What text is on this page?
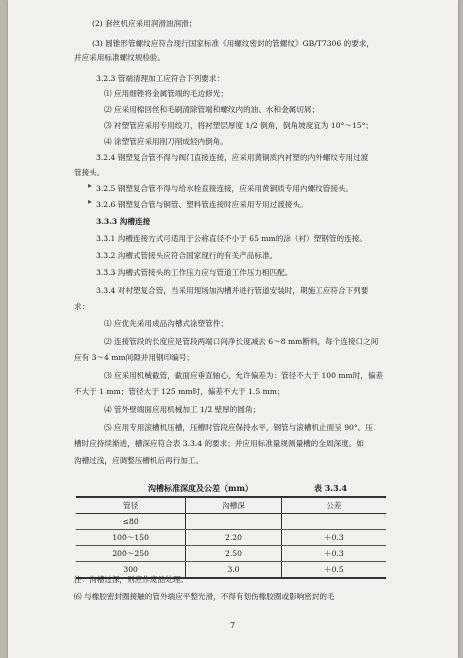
(2) 套丝机应采用润滑油润滑；
(3) 圆锥形管螺纹应符合现行国家标准《用螺纹密封的管螺纹》GB/T7306 的要求，
并应采用标准螺纹规检验。
3.2.3 管端清理加工应符合下列要求：
⑴ 应用细锉将金属管端的毛边修光；
⑵ 应采用棉回丝和毛刷清除管端和螺纹内的油、水和金属切屑；
⑶ 衬塑管应采用专用绞刀，将衬塑层厚度 1/2 倒角，倒角坡度宜为 10°～15°；
⑷ 涂塑管应采用削刀削成轻内倒角。
3.2.4 钢塑复合管不得与阀门直接连接，应采用黄铜质内衬塑的内外螺纹专用过渡
管接头。
▸ 3.2.5 钢塑复合管不得与给水栓直接连接，应采用黄铜质专用内螺纹管接头。
▸ 3.2.6 钢塑复合管与铜管、塑料管连接时应采用专用过渡接头。
3.3.3 沟槽连接
3.3.1 沟槽连接方式可适用于公称直径不小于 65 mm的涂（衬）塑钢管的连接。
3.3.2 沟槽式管接头应符合国家现行的有关产品标准。
3.3.3 沟槽式管接头的工作压力应与管道工作压力相匹配。
3.3.4 对衬塑复合管，当采用现场加沟槽并进行管道安装时，期施工应符合下列要
求：
⑴ 应优先采用成品沟槽式涂塑管件；
⑵ 连接管段的长度应是管段两端口间净长度减去 6～8 mm断料，每个连接口之间
应有 3～4 mm间隙并用钢印编号；
⑶ 应采用机械截管，截面应垂直轴心，允许偏差为：管径不大于 100 mm时，偏差
不大于 1 mm；管径大于 125 mm时，偏差不大于 1.5 mm；
⑷ 管外壁端面应用机械加工 1/2 壁厚的圆角；
⑸ 应用专用滚槽机压槽，压槽时管段应保持水平，钢管与滚槽机止面呈 90°。压
槽时应持续渐进，槽深应符合表 3.3.4 的要求；并应用标准量规测量槽的全周深度。如
沟槽过浅，应调整压槽机后再行加工。
沟槽标准深度及公差（mm）	表 3.3.4
管径	沟槽深	公差
≤80		
100～150	2.20	＋0.3
200～250	2.50	＋0.3
300	3.0	＋0.5
注：沟槽过深，则应作废品处理。
⑹ 与橡胶密封圈接触的管外端应平整光滑，不得有划伤橡胶圈或影响密封的毛
7
